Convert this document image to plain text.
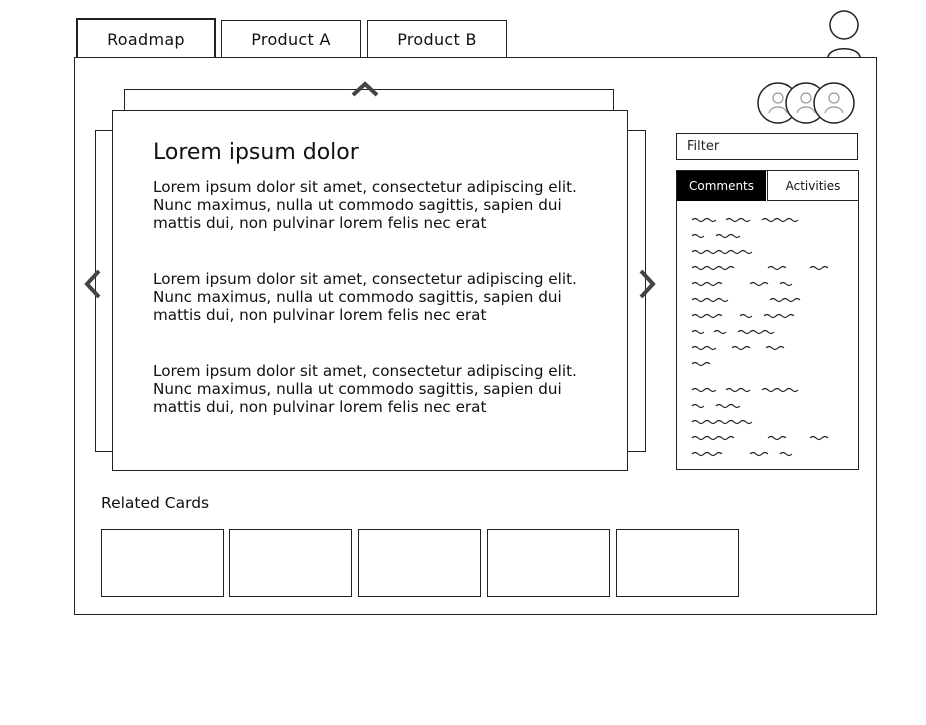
Roadmap	Product A	Product B
Lorem ipsum dolor
Lorem ipsum dolor sit amet, consectetur adipiscing elit. Nunc maximus, nulla ut commodo sagittis, sapien dui mattis dui, non pulvinar lorem felis nec erat
Lorem ipsum dolor sit amet, consectetur adipiscing elit. Nunc maximus, nulla ut commodo sagittis, sapien dui mattis dui, non pulvinar lorem felis nec erat
Lorem ipsum dolor sit amet, consectetur adipiscing elit. Nunc maximus, nulla ut commodo sagittis, sapien dui mattis dui, non pulvinar lorem felis nec erat
Filter
Comments	Activities
Related Cards
